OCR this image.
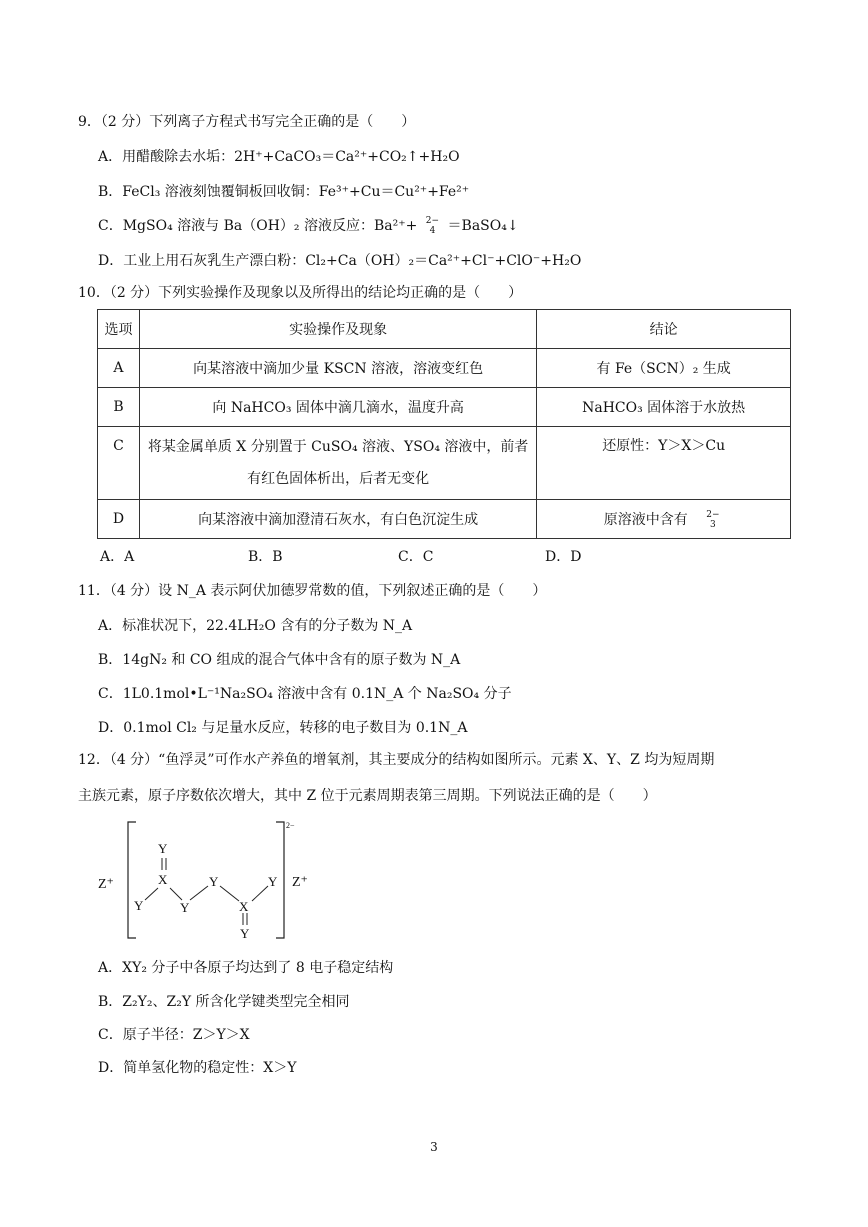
9．（2 分）下列离子方程式书写完全正确的是（　　）
A．用醋酸除去水垢：2H⁺+CaCO₃＝Ca²⁺+CO₂↑+H₂O
B．FeCl₃ 溶液刻蚀覆铜板回收铜：Fe³⁺+Cu＝Cu²⁺+Fe²⁺
C．MgSO₄ 溶液与 Ba（OH）₂ 溶液反应：Ba²⁺+ 2−
4 ＝BaSO₄↓
D．工业上用石灰乳生产漂白粉：Cl₂+Ca（OH）₂＝Ca²⁺+Cl⁻+ClO⁻+H₂O
10．（2 分）下列实验操作及现象以及所得出的结论均正确的是（　　）
选项	实验操作及现象	结论
A	向某溶液中滴加少量 KSCN 溶液，溶液变红色	有 Fe（SCN）₂ 生成
B	向 NaHCO₃ 固体中滴几滴水，温度升高	NaHCO₃ 固体溶于水放热
C	将某金属单质 X 分别置于 CuSO₄ 溶液、YSO₄ 溶液中，前者
有红色固体析出，后者无变化	还原性：Y＞X＞Cu
D	向某溶液中滴加澄清石灰水，有白色沉淀生成	原溶液中含有 2−
3
A．A	B．B	C．C	D．D
11．（4 分）设 N_A 表示阿伏加德罗常数的值，下列叙述正确的是（　　）
A．标准状况下，22.4LH₂O 含有的分子数为 N_A
B．14gN₂ 和 CO 组成的混合气体中含有的原子数为 N_A
C．1L0.1mol•L⁻¹Na₂SO₄ 溶液中含有 0.1N_A 个 Na₂SO₄ 分子
D．0.1mol Cl₂ 与足量水反应，转移的电子数目为 0.1N_A
12．（4 分）“鱼浮灵”可作水产养鱼的增氧剂，其主要成分的结构如图所示。元素 X、Y、Z 均为短周期
主族元素，原子序数依次增大，其中 Z 位于元素周期表第三周期。下列说法正确的是（　　）
Z⁺	Z⁺
2−
Y
X
Y	Y
Y
X
Y
Y
A．XY₂ 分子中各原子均达到了 8 电子稳定结构
B．Z₂Y₂、Z₂Y 所含化学键类型完全相同
C．原子半径：Z＞Y＞X
D．简单氢化物的稳定性：X＞Y
3
